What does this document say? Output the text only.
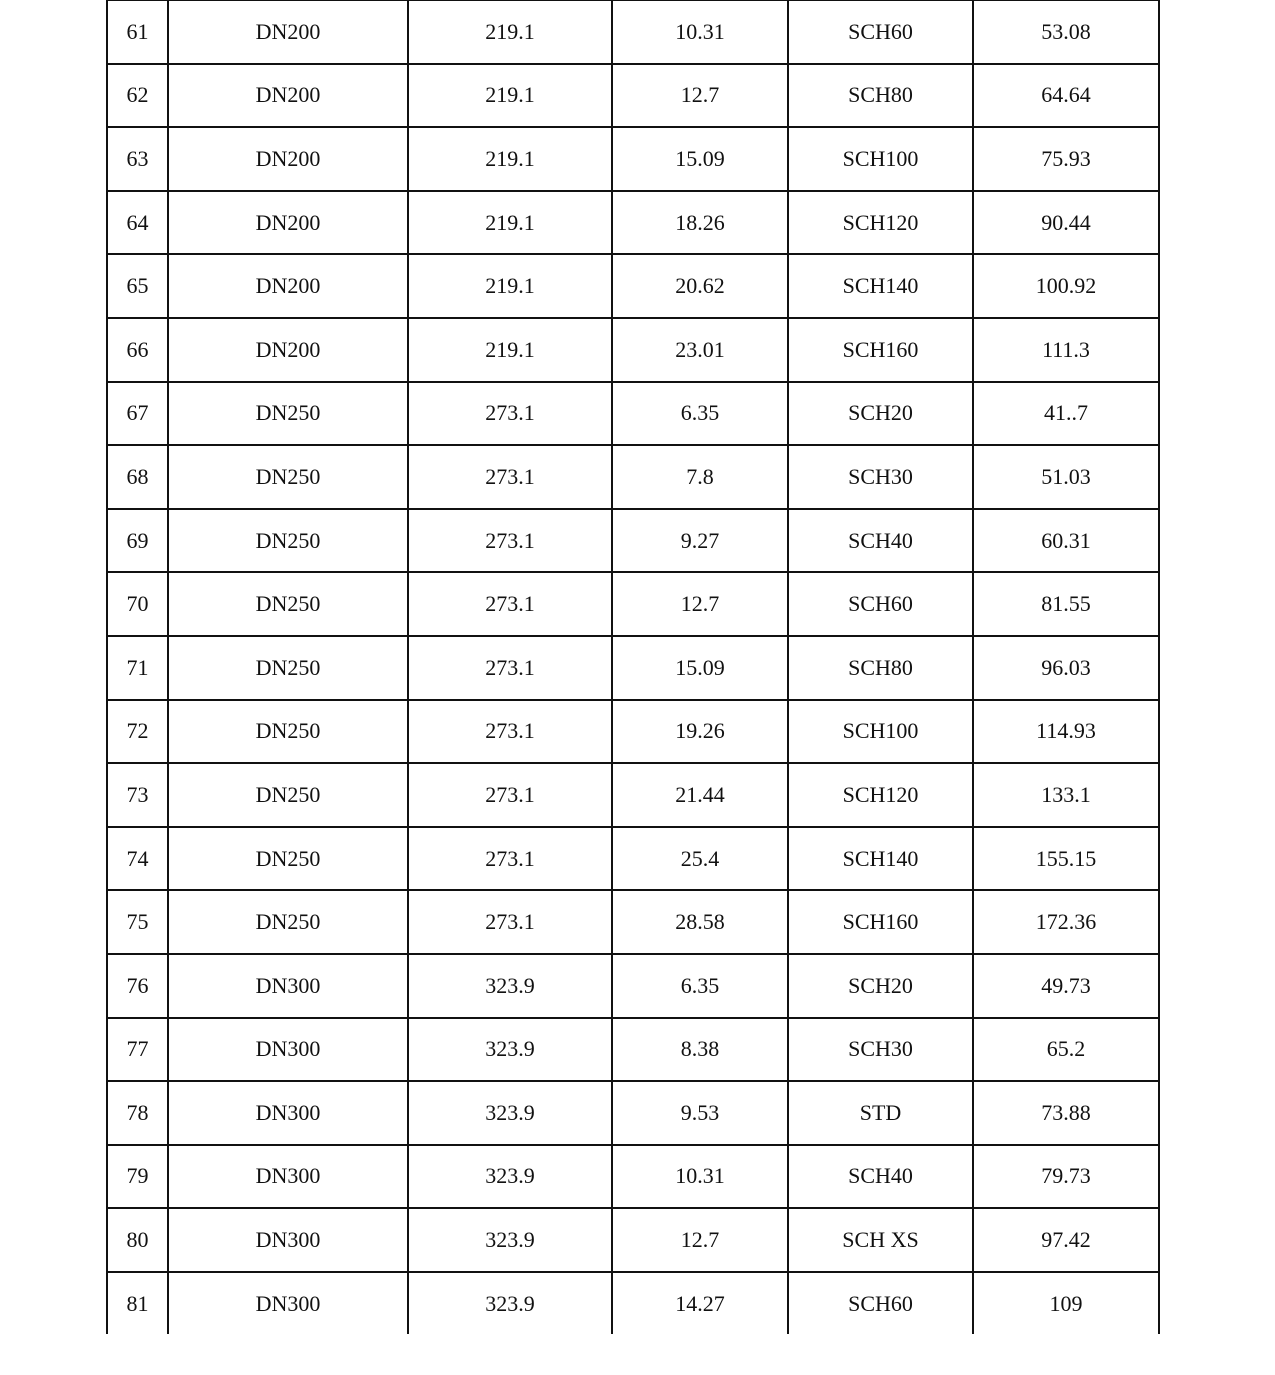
61	DN200	219.1	10.31	SCH60	53.08
62	DN200	219.1	12.7	SCH80	64.64
63	DN200	219.1	15.09	SCH100	75.93
64	DN200	219.1	18.26	SCH120	90.44
65	DN200	219.1	20.62	SCH140	100.92
66	DN200	219.1	23.01	SCH160	111.3
67	DN250	273.1	6.35	SCH20	41..7
68	DN250	273.1	7.8	SCH30	51.03
69	DN250	273.1	9.27	SCH40	60.31
70	DN250	273.1	12.7	SCH60	81.55
71	DN250	273.1	15.09	SCH80	96.03
72	DN250	273.1	19.26	SCH100	114.93
73	DN250	273.1	21.44	SCH120	133.1
74	DN250	273.1	25.4	SCH140	155.15
75	DN250	273.1	28.58	SCH160	172.36
76	DN300	323.9	6.35	SCH20	49.73
77	DN300	323.9	8.38	SCH30	65.2
78	DN300	323.9	9.53	STD	73.88
79	DN300	323.9	10.31	SCH40	79.73
80	DN300	323.9	12.7	SCH XS	97.42
81	DN300	323.9	14.27	SCH60	109
